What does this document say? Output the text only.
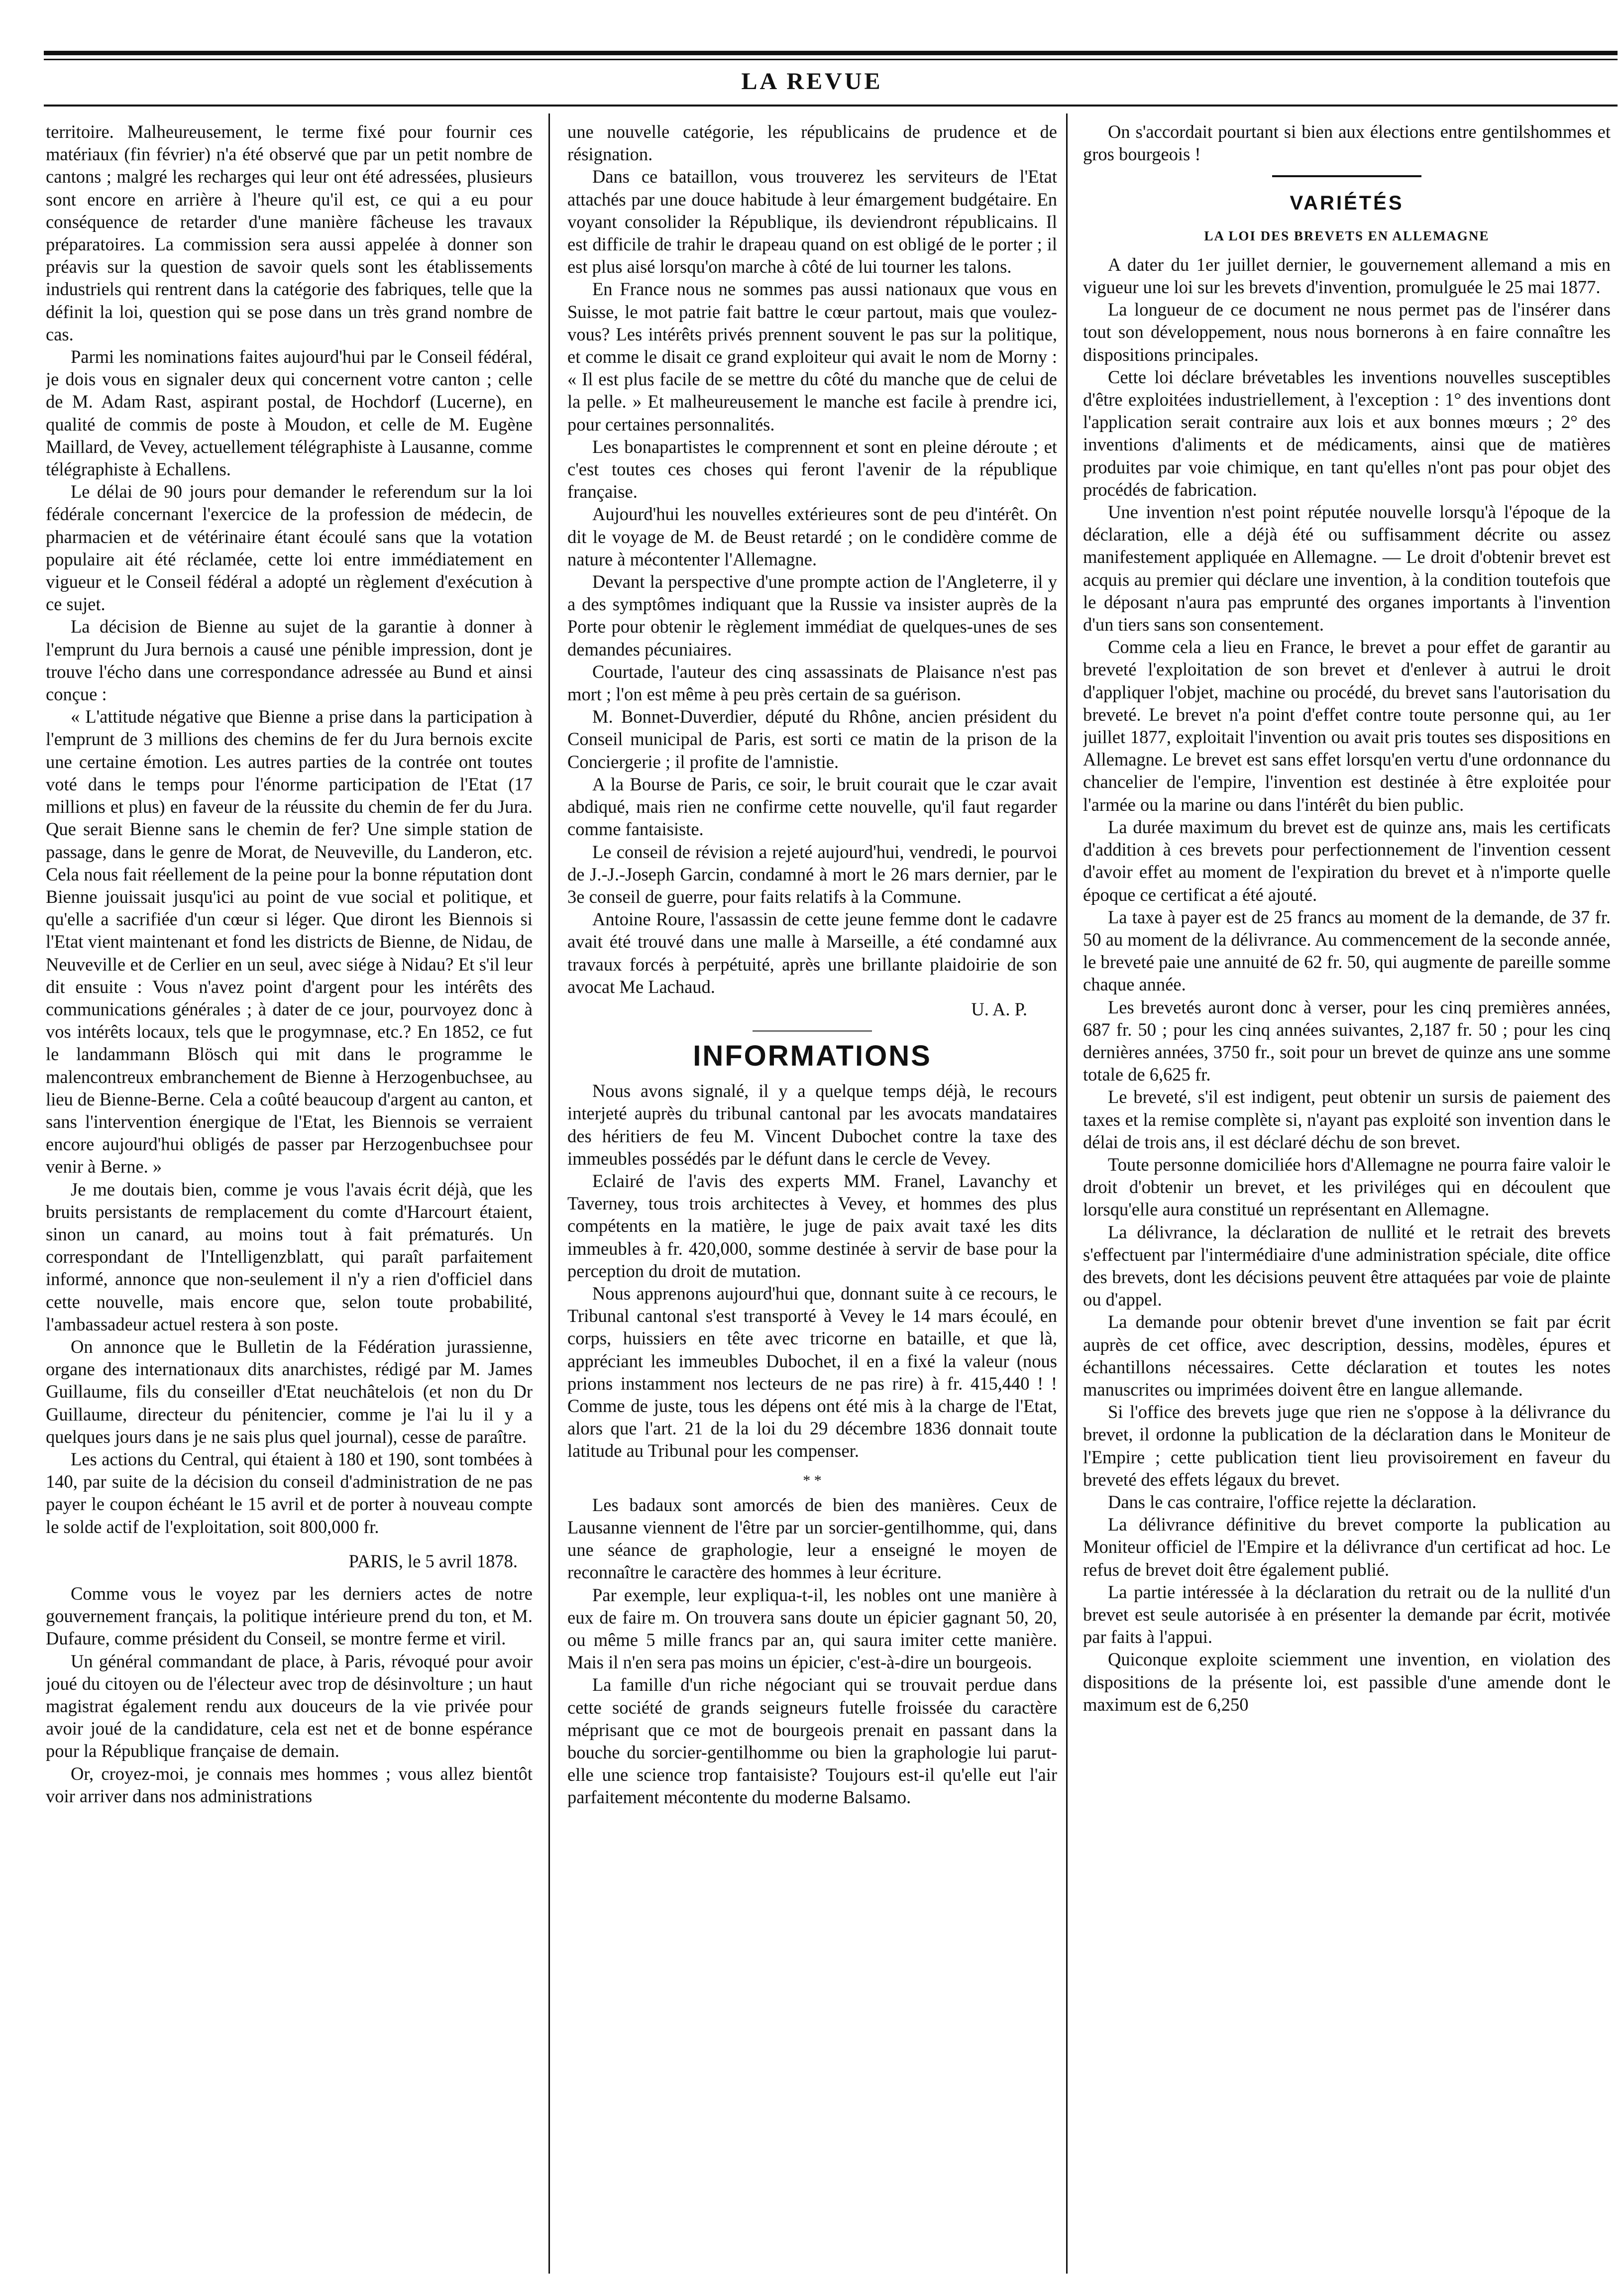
LA REVUE

territoire. Malheureusement, le terme fixé pour fournir ces matériaux (fin février) n'a été observé que par un petit nombre de cantons ; malgré les recharges qui leur ont été adressées, plusieurs sont encore en arrière à l'heure qu'il est, ce qui a eu pour conséquence de retarder d'une manière fâcheuse les travaux préparatoires. La commission sera aussi appelée à donner son préavis sur la question de savoir quels sont les établissements industriels qui rentrent dans la catégorie des fabriques, telle que la définit la loi, question qui se pose dans un très grand nombre de cas.

Parmi les nominations faites aujourd'hui par le Conseil fédéral, je dois vous en signaler deux qui concernent votre canton ; celle de M. Adam Rast, aspirant postal, de Hochdorf (Lucerne), en qualité de commis de poste à Moudon, et celle de M. Eugène Maillard, de Vevey, actuellement télégraphiste à Lausanne, comme télégraphiste à Echallens.

Le délai de 90 jours pour demander le referendum sur la loi fédérale concernant l'exercice de la profession de médecin, de pharmacien et de vétérinaire étant écoulé sans que la votation populaire ait été réclamée, cette loi entre immédiatement en vigueur et le Conseil fédéral a adopté un règlement d'exécution à ce sujet.

La décision de Bienne au sujet de la garantie à donner à l'emprunt du Jura bernois a causé une pénible impression, dont je trouve l'écho dans une correspondance adressée au Bund et ainsi conçue :

« L'attitude négative que Bienne a prise dans la participation à l'emprunt de 3 millions des chemins de fer du Jura bernois excite une certaine émotion. Les autres parties de la contrée ont toutes voté dans le temps pour l'énorme participation de l'Etat (17 millions et plus) en faveur de la réussite du chemin de fer du Jura. Que serait Bienne sans le chemin de fer? Une simple station de passage, dans le genre de Morat, de Neuveville, du Landeron, etc. Cela nous fait réellement de la peine pour la bonne réputation dont Bienne jouissait jusqu'ici au point de vue social et politique, et qu'elle a sacrifiée d'un cœur si léger. Que diront les Biennois si l'Etat vient maintenant et fond les districts de Bienne, de Nidau, de Neuveville et de Cerlier en un seul, avec siége à Nidau? Et s'il leur dit ensuite : Vous n'avez point d'argent pour les intérêts des communications générales ; à dater de ce jour, pourvoyez donc à vos intérêts locaux, tels que le progymnase, etc.? En 1852, ce fut le landammann Blösch qui mit dans le programme le malencontreux embranchement de Bienne à Herzogenbuchsee, au lieu de Bienne-Berne. Cela a coûté beaucoup d'argent au canton, et sans l'intervention énergique de l'Etat, les Biennois se verraient encore aujourd'hui obligés de passer par Herzogenbuchsee pour venir à Berne. »

Je me doutais bien, comme je vous l'avais écrit déjà, que les bruits persistants de remplacement du comte d'Harcourt étaient, sinon un canard, au moins tout à fait prématurés. Un correspondant de l'Intelligenzblatt, qui paraît parfaitement informé, annonce que non-seulement il n'y a rien d'officiel dans cette nouvelle, mais encore que, selon toute probabilité, l'ambassadeur actuel restera à son poste.

On annonce que le Bulletin de la Fédération jurassienne, organe des internationaux dits anarchistes, rédigé par M. James Guillaume, fils du conseiller d'Etat neuchâtelois (et non du Dr Guillaume, directeur du pénitencier, comme je l'ai lu il y a quelques jours dans je ne sais plus quel journal), cesse de paraître.

Les actions du Central, qui étaient à 180 et 190, sont tombées à 140, par suite de la décision du conseil d'administration de ne pas payer le coupon échéant le 15 avril et de porter à nouveau compte le solde actif de l'exploitation, soit 800,000 fr.

PARIS, le 5 avril 1878.

Comme vous le voyez par les derniers actes de notre gouvernement français, la politique intérieure prend du ton, et M. Dufaure, comme président du Conseil, se montre ferme et viril.

Un général commandant de place, à Paris, révoqué pour avoir joué du citoyen ou de l'électeur avec trop de désinvolture ; un haut magistrat également rendu aux douceurs de la vie privée pour avoir joué de la candidature, cela est net et de bonne espérance pour la République française de demain.

Or, croyez-moi, je connais mes hommes ; vous allez bientôt voir arriver dans nos administrations

une nouvelle catégorie, les républicains de prudence et de résignation.

Dans ce bataillon, vous trouverez les serviteurs de l'Etat attachés par une douce habitude à leur émargement budgétaire. En voyant consolider la République, ils deviendront républicains. Il est difficile de trahir le drapeau quand on est obligé de le porter ; il est plus aisé lorsqu'on marche à côté de lui tourner les talons.

En France nous ne sommes pas aussi nationaux que vous en Suisse, le mot patrie fait battre le cœur partout, mais que voulez-vous? Les intérêts privés prennent souvent le pas sur la politique, et comme le disait ce grand exploiteur qui avait le nom de Morny : « Il est plus facile de se mettre du côté du manche que de celui de la pelle. » Et malheureusement le manche est facile à prendre ici, pour certaines personnalités.

Les bonapartistes le comprennent et sont en pleine déroute ; et c'est toutes ces choses qui feront l'avenir de la république française.

Aujourd'hui les nouvelles extérieures sont de peu d'intérêt. On dit le voyage de M. de Beust retardé ; on le condidère comme de nature à mécontenter l'Allemagne.

Devant la perspective d'une prompte action de l'Angleterre, il y a des symptômes indiquant que la Russie va insister auprès de la Porte pour obtenir le règlement immédiat de quelques-unes de ses demandes pécuniaires.

Courtade, l'auteur des cinq assassinats de Plaisance n'est pas mort ; l'on est même à peu près certain de sa guérison.

M. Bonnet-Duverdier, député du Rhône, ancien président du Conseil municipal de Paris, est sorti ce matin de la prison de la Conciergerie ; il profite de l'amnistie.

A la Bourse de Paris, ce soir, le bruit courait que le czar avait abdiqué, mais rien ne confirme cette nouvelle, qu'il faut regarder comme fantaisiste.

Le conseil de révision a rejeté aujourd'hui, vendredi, le pourvoi de J.-J.-Joseph Garcin, condamné à mort le 26 mars dernier, par le 3e conseil de guerre, pour faits relatifs à la Commune.

Antoine Roure, l'assassin de cette jeune femme dont le cadavre avait été trouvé dans une malle à Marseille, a été condamné aux travaux forcés à perpétuité, après une brillante plaidoirie de son avocat Me Lachaud.

U. A. P.

INFORMATIONS

Nous avons signalé, il y a quelque temps déjà, le recours interjeté auprès du tribunal cantonal par les avocats mandataires des héritiers de feu M. Vincent Dubochet contre la taxe des immeubles possédés par le défunt dans le cercle de Vevey.

Eclairé de l'avis des experts MM. Franel, Lavanchy et Taverney, tous trois architectes à Vevey, et hommes des plus compétents en la matière, le juge de paix avait taxé les dits immeubles à fr. 420,000, somme destinée à servir de base pour la perception du droit de mutation.

Nous apprenons aujourd'hui que, donnant suite à ce recours, le Tribunal cantonal s'est transporté à Vevey le 14 mars écoulé, en corps, huissiers en tête avec tricorne en bataille, et que là, appréciant les immeubles Dubochet, il en a fixé la valeur (nous prions instamment nos lecteurs de ne pas rire) à fr. 415,440 ! ! Comme de juste, tous les dépens ont été mis à la charge de l'Etat, alors que l'art. 21 de la loi du 29 décembre 1836 donnait toute latitude au Tribunal pour les compenser.

* *

Les badaux sont amorcés de bien des manières. Ceux de Lausanne viennent de l'être par un sorcier-gentilhomme, qui, dans une séance de graphologie, leur a enseigné le moyen de reconnaître le caractère des hommes à leur écriture.

Par exemple, leur expliqua-t-il, les nobles ont une manière à eux de faire m. On trouvera sans doute un épicier gagnant 50, 20, ou même 5 mille francs par an, qui saura imiter cette manière. Mais il n'en sera pas moins un épicier, c'est-à-dire un bourgeois.

La famille d'un riche négociant qui se trouvait perdue dans cette société de grands seigneurs futelle froissée du caractère méprisant que ce mot de bourgeois prenait en passant dans la bouche du sorcier-gentilhomme ou bien la graphologie lui parut-elle une science trop fantaisiste? Toujours est-il qu'elle eut l'air parfaitement mécontente du moderne Balsamo.

On s'accordait pourtant si bien aux élections entre gentilshommes et gros bourgeois !

VARIÉTÉS

LA LOI DES BREVETS EN ALLEMAGNE

A dater du 1er juillet dernier, le gouvernement allemand a mis en vigueur une loi sur les brevets d'invention, promulguée le 25 mai 1877.

La longueur de ce document ne nous permet pas de l'insérer dans tout son développement, nous nous bornerons à en faire connaître les dispositions principales.

Cette loi déclare brévetables les inventions nouvelles susceptibles d'être exploitées industriellement, à l'exception : 1° des inventions dont l'application serait contraire aux lois et aux bonnes mœurs ; 2° des inventions d'aliments et de médicaments, ainsi que de matières produites par voie chimique, en tant qu'elles n'ont pas pour objet des procédés de fabrication.

Une invention n'est point réputée nouvelle lorsqu'à l'époque de la déclaration, elle a déjà été ou suffisamment décrite ou assez manifestement appliquée en Allemagne. — Le droit d'obtenir brevet est acquis au premier qui déclare une invention, à la condition toutefois que le déposant n'aura pas emprunté des organes importants à l'invention d'un tiers sans son consentement.

Comme cela a lieu en France, le brevet a pour effet de garantir au breveté l'exploitation de son brevet et d'enlever à autrui le droit d'appliquer l'objet, machine ou procédé, du brevet sans l'autorisation du breveté. Le brevet n'a point d'effet contre toute personne qui, au 1er juillet 1877, exploitait l'invention ou avait pris toutes ses dispositions en Allemagne. Le brevet est sans effet lorsqu'en vertu d'une ordonnance du chancelier de l'empire, l'invention est destinée à être exploitée pour l'armée ou la marine ou dans l'intérêt du bien public.

La durée maximum du brevet est de quinze ans, mais les certificats d'addition à ces brevets pour perfectionnement de l'invention cessent d'avoir effet au moment de l'expiration du brevet et à n'importe quelle époque ce certificat a été ajouté.

La taxe à payer est de 25 francs au moment de la demande, de 37 fr. 50 au moment de la délivrance. Au commencement de la seconde année, le breveté paie une annuité de 62 fr. 50, qui augmente de pareille somme chaque année.

Les brevetés auront donc à verser, pour les cinq premières années, 687 fr. 50 ; pour les cinq années suivantes, 2,187 fr. 50 ; pour les cinq dernières années, 3750 fr., soit pour un brevet de quinze ans une somme totale de 6,625 fr.

Le breveté, s'il est indigent, peut obtenir un sursis de paiement des taxes et la remise complète si, n'ayant pas exploité son invention dans le délai de trois ans, il est déclaré déchu de son brevet.

Toute personne domiciliée hors d'Allemagne ne pourra faire valoir le droit d'obtenir un brevet, et les priviléges qui en découlent que lorsqu'elle aura constitué un représentant en Allemagne.

La délivrance, la déclaration de nullité et le retrait des brevets s'effectuent par l'intermédiaire d'une administration spéciale, dite office des brevets, dont les décisions peuvent être attaquées par voie de plainte ou d'appel.

La demande pour obtenir brevet d'une invention se fait par écrit auprès de cet office, avec description, dessins, modèles, épures et échantillons nécessaires. Cette déclaration et toutes les notes manuscrites ou imprimées doivent être en langue allemande.

Si l'office des brevets juge que rien ne s'oppose à la délivrance du brevet, il ordonne la publication de la déclaration dans le Moniteur de l'Empire ; cette publication tient lieu provisoirement en faveur du breveté des effets légaux du brevet.

Dans le cas contraire, l'office rejette la déclaration.

La délivrance définitive du brevet comporte la publication au Moniteur officiel de l'Empire et la délivrance d'un certificat ad hoc. Le refus de brevet doit être également publié.

La partie intéressée à la déclaration du retrait ou de la nullité d'un brevet est seule autorisée à en présenter la demande par écrit, motivée par faits à l'appui.

Quiconque exploite sciemment une invention, en violation des dispositions de la présente loi, est passible d'une amende dont le maximum est de 6,250
